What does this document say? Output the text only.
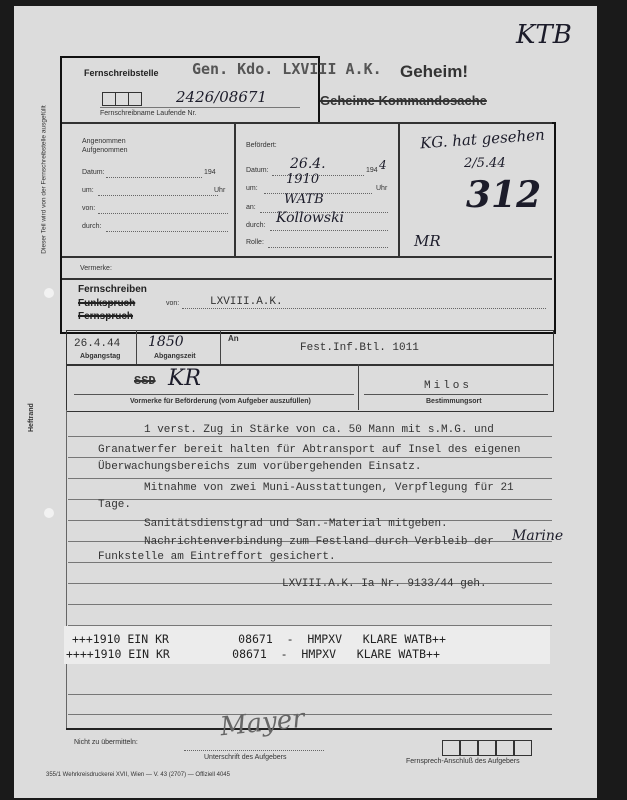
KTB
Dieser Teil wird von der Fernschreibstelle ausgefüllt
Fernschreibstelle Gen. Kdo. LXVIII A.K. Geheim!
Geheime Kommandosache
2426/08671
Fernschreibname Laufende Nr.
Angenommen
Aufgenommen
Datum:	194
um:	Uhr
von:
durch:
Befördert:
Datum: 26.4.	194 4
um:
1910
Uhr
an:
WATB
durch: Kollowski
Rolle:
KG. hat gesehen
2/5.44
312
MR
Vermerke:
Fernschreiben
Funkspruch
Fernspruch
von:	LXVIII.A.K.
26.4.44
Abgangstag
1850
Abgangszeit
An
Fest.Inf.Btl. 1011
SSD KR
Vormerke für Beförderung (vom Aufgeber auszufüllen)
Milos
Bestimmungsort
Heftrand	1 verst. Zug in Stärke von ca. 50 Mann mit s.M.G. und
Granatwerfer bereit halten für Abtransport auf Insel des eigenen
Überwachungsbereichs zum vorübergehenden Einsatz.
Mitnahme von zwei Muni-Ausstattungen, Verpflegung für 21
Tage.
Sanitätsdienstgrad und San.-Material mitgeben.
Nachrichtenverbindung zum Festland durch Verbleib der Marine
Funkstelle am Eintreffort gesichert.
LXVIII.A.K. Ia Nr. 9133/44 geh.
+++1910 EIN KR          08671  -  HMPXV   KLARE WATB++
++++1910 EIN KR         08671  -  HMPXV   KLARE WATB++
Nicht zu übermitteln:
Mayer
Unterschrift des Aufgebers
Fernsprech-Anschluß des Aufgebers
355/1 Wehrkreisdruckerei XVII, Wien — V. 43 (2707) — Offiziell 4045
